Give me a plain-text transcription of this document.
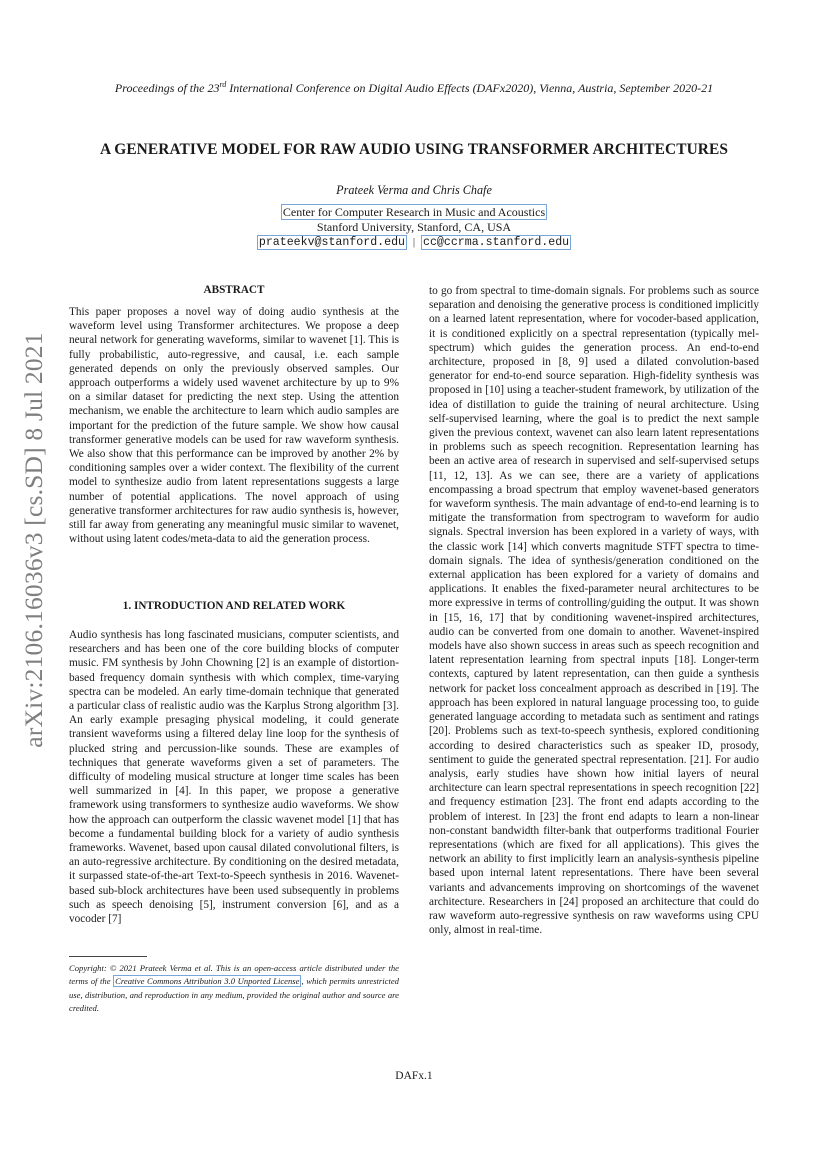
Proceedings of the 23rd International Conference on Digital Audio Effects (DAFx2020), Vienna, Austria, September 2020-21
arXiv:2106.16036v3 [cs.SD] 8 Jul 2021
A GENERATIVE MODEL FOR RAW AUDIO USING TRANSFORMER ARCHITECTURES
Prateek Verma and Chris Chafe
Center for Computer Research in Music and Acoustics
Stanford University, Stanford, CA, USA
prateekv@stanford.edu | cc@ccrma.stanford.edu
ABSTRACT

This paper proposes a novel way of doing audio synthesis at the waveform level using Transformer architectures. We propose a deep neural network for generating waveforms, similar to wavenet [1]. This is fully probabilistic, auto-regressive, and causal, i.e. each sample generated depends on only the previously observed samples. Our approach outperforms a widely used wavenet architecture by up to 9% on a similar dataset for predicting the next step. Using the attention mechanism, we enable the architecture to learn which audio samples are important for the prediction of the future sample. We show how causal transformer generative models can be used for raw waveform synthesis. We also show that this performance can be improved by another 2% by conditioning samples over a wider context. The flexibility of the current model to synthesize audio from latent representations suggests a large number of potential applications. The novel approach of using generative transformer architectures for raw audio synthesis is, however, still far away from generating any meaningful music similar to wavenet, without using latent codes/meta-data to aid the generation process.

1. INTRODUCTION AND RELATED WORK

Audio synthesis has long fascinated musicians, computer scientists, and researchers and has been one of the core building blocks of computer music. FM synthesis by John Chowning [2] is an example of distortion-based frequency domain synthesis with which complex, time-varying spectra can be modeled. An early time-domain technique that generated a particular class of realistic audio was the Karplus Strong algorithm [3]. An early example presaging physical modeling, it could generate transient waveforms using a filtered delay line loop for the synthesis of plucked string and percussion-like sounds. These are examples of techniques that generate waveforms given a set of parameters. The difficulty of modeling musical structure at longer time scales has been well summarized in [4]. In this paper, we propose a generative framework using transformers to synthesize audio waveforms. We show how the approach can outperform the classic wavenet model [1] that has become a fundamental building block for a variety of audio synthesis frameworks. Wavenet, based upon causal dilated convolutional filters, is an auto-regressive architecture. By conditioning on the desired metadata, it surpassed state-of-the-art Text-to-Speech synthesis in 2016. Wavenet-based sub-block architectures have been used subsequently in problems such as speech denoising [5], instrument conversion [6], and as a vocoder [7]

to go from spectral to time-domain signals. For problems such as source separation and denoising the generative process is conditioned implicitly on a learned latent representation, where for vocoder-based application, it is conditioned explicitly on a spectral representation (typically mel-spectrum) which guides the generation process. An end-to-end architecture, proposed in [8, 9] used a dilated convolution-based generator for end-to-end source separation. High-fidelity synthesis was proposed in [10] using a teacher-student framework, by utilization of the idea of distillation to guide the training of neural architecture. Using self-supervised learning, where the goal is to predict the next sample given the previous context, wavenet can also learn latent representations in problems such as speech recognition. Representation learning has been an active area of research in supervised and self-supervised setups [11, 12, 13]. As we can see, there are a variety of applications encompassing a broad spectrum that employ wavenet-based generators for waveform synthesis. The main advantage of end-to-end learning is to mitigate the transformation from spectrogram to waveform for audio signals. Spectral inversion has been explored in a variety of ways, with the classic work [14] which converts magnitude STFT spectra to time-domain signals. The idea of synthesis/generation conditioned on the external application has been explored for a variety of domains and applications. It enables the fixed-parameter neural architectures to be more expressive in terms of controlling/guiding the output. It was shown in [15, 16, 17] that by conditioning wavenet-inspired architectures, audio can be converted from one domain to another. Wavenet-inspired models have also shown success in areas such as speech recognition and latent representation learning from spectral inputs [18]. Longer-term contexts, captured by latent representation, can then guide a synthesis network for packet loss concealment approach as described in [19]. The approach has been explored in natural language processing too, to guide generated language according to metadata such as sentiment and ratings [20]. Problems such as text-to-speech synthesis, explored conditioning according to desired characteristics such as speaker ID, prosody, sentiment to guide the generated spectral representation. [21]. For audio analysis, early studies have shown how initial layers of neural architecture can learn spectral representations in speech recognition [22] and frequency estimation [23]. The front end adapts according to the problem of interest. In [23] the front end adapts to learn a non-linear non-constant bandwidth filter-bank that outperforms traditional Fourier representations (which are fixed for all applications). This gives the network an ability to first implicitly learn an analysis-synthesis pipeline based upon internal latent representations. There have been several variants and advancements improving on shortcomings of the wavenet architecture. Researchers in [24] proposed an architecture that could do raw waveform auto-regressive synthesis on raw waveforms using CPU only, almost in real-time.

Copyright: © 2021 Prateek Verma et al. This is an open-access article distributed under the terms of the Creative Commons Attribution 3.0 Unported License , which permits unrestricted use, distribution, and reproduction in any medium, provided the original author and source are credited.
DAFx.1
